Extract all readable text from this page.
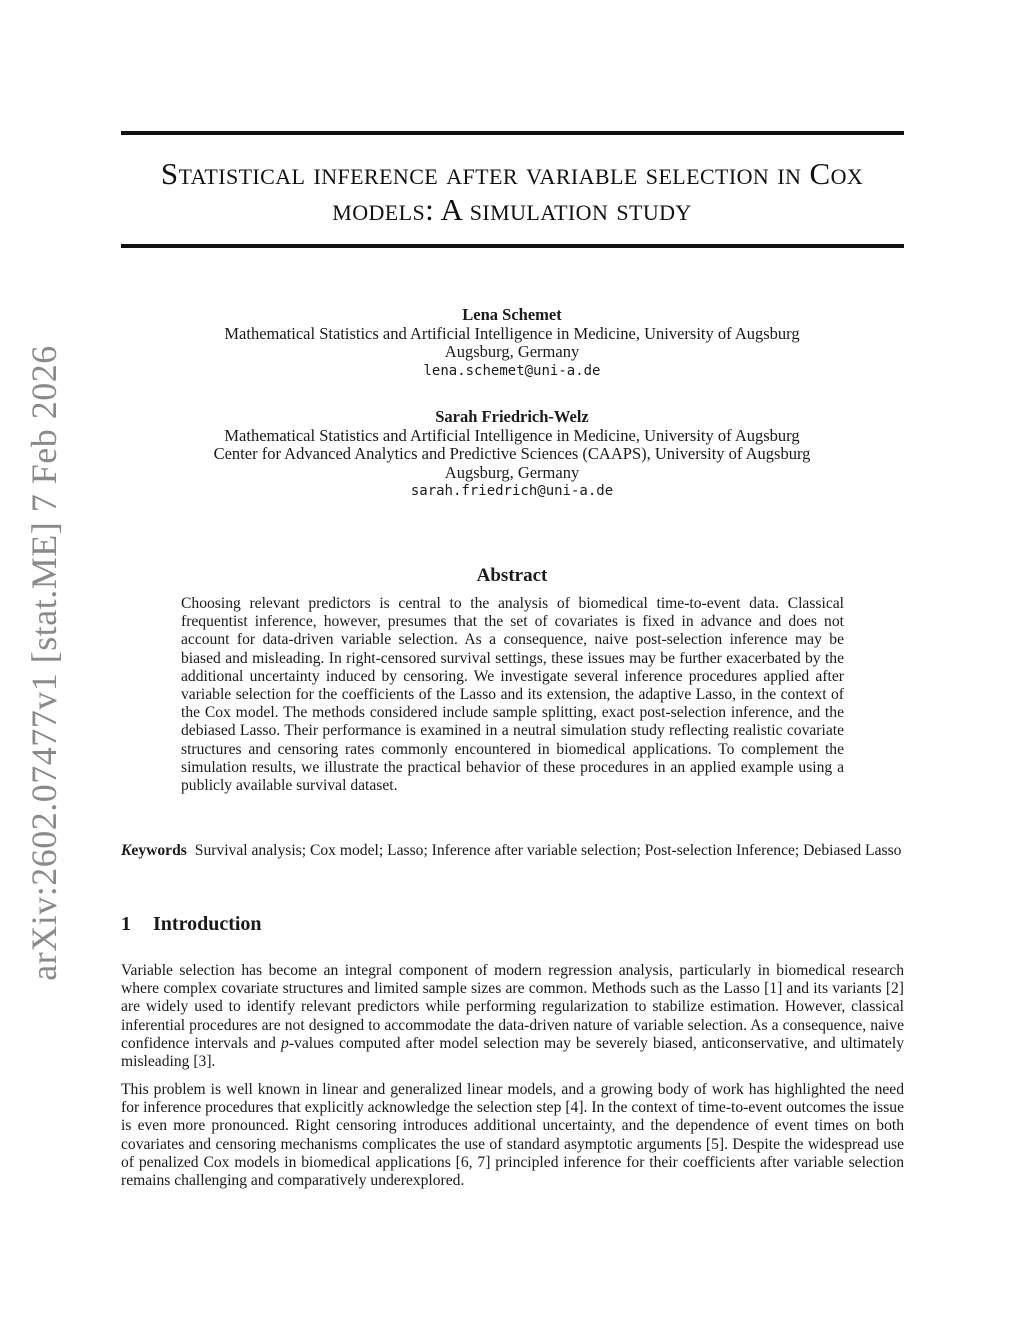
arXiv:2602.07477v1 [stat.ME] 7 Feb 2026
Statistical inference after variable selection in Cox
models: A simulation study
Lena Schemet
Mathematical Statistics and Artificial Intelligence in Medicine, University of Augsburg
Augsburg, Germany
lena.schemet@uni-a.de
Sarah Friedrich-Welz
Mathematical Statistics and Artificial Intelligence in Medicine, University of Augsburg
Center for Advanced Analytics and Predictive Sciences (CAAPS), University of Augsburg
Augsburg, Germany
sarah.friedrich@uni-a.de
Abstract
Choosing relevant predictors is central to the analysis of biomedical time-to-event data. Classical frequentist inference, however, presumes that the set of covariates is fixed in advance and does not account for data-driven variable selection. As a consequence, naive post-selection inference may be biased and misleading. In right-censored survival settings, these issues may be further exacerbated by the additional uncertainty induced by censoring. We investigate several inference procedures applied after variable selection for the coefficients of the Lasso and its extension, the adaptive Lasso, in the context of the Cox model. The methods considered include sample splitting, exact post-selection inference, and the debiased Lasso. Their performance is examined in a neutral simulation study reflecting realistic covariate structures and censoring rates commonly encountered in biomedical applications. To complement the simulation results, we illustrate the practical behavior of these procedures in an applied example using a publicly available survival dataset.
Keywords Survival analysis; Cox model; Lasso; Inference after variable selection; Post-selection Inference; Debiased Lasso
1 Introduction
Variable selection has become an integral component of modern regression analysis, particularly in biomedical research where complex covariate structures and limited sample sizes are common. Methods such as the Lasso [1] and its variants [2] are widely used to identify relevant predictors while performing regularization to stabilize estimation. However, classical inferential procedures are not designed to accommodate the data-driven nature of variable selection. As a consequence, naive confidence intervals and p-values computed after model selection may be severely biased, anticonservative, and ultimately misleading [3].
This problem is well known in linear and generalized linear models, and a growing body of work has highlighted the need for inference procedures that explicitly acknowledge the selection step [4]. In the context of time-to-event outcomes the issue is even more pronounced. Right censoring introduces additional uncertainty, and the dependence of event times on both covariates and censoring mechanisms complicates the use of standard asymptotic arguments [5]. Despite the widespread use of penalized Cox models in biomedical applications [6, 7] principled inference for their coefficients after variable selection remains challenging and comparatively underexplored.
